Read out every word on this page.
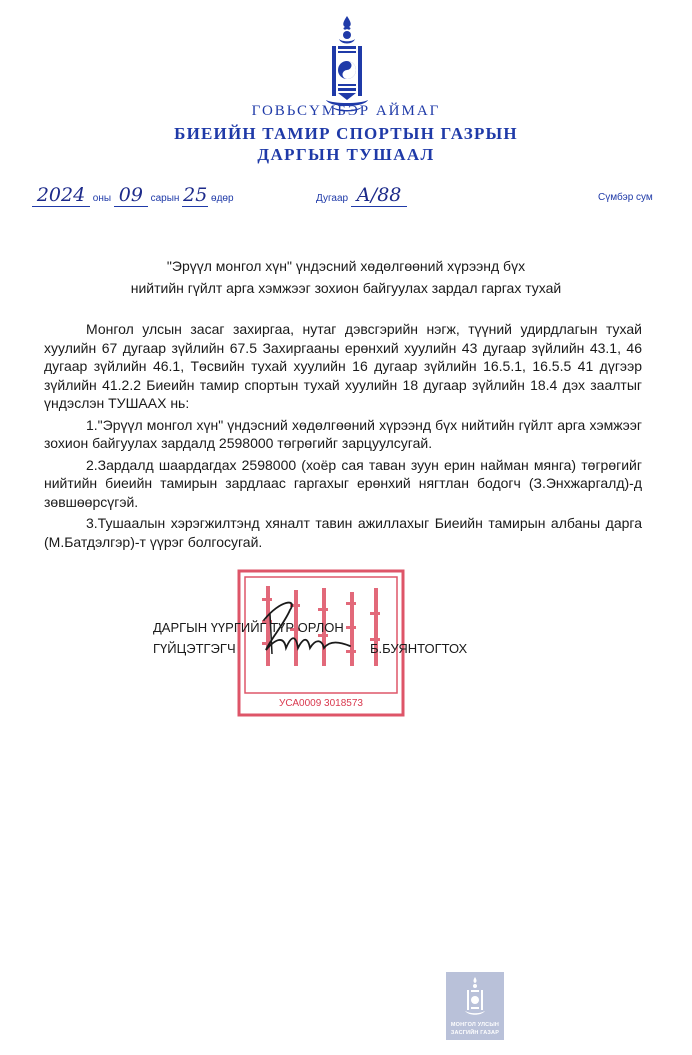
ГОВЬСҮМБЭР АЙМАГ
БИЕИЙН ТАМИР СПОРТЫН ГАЗРЫН
ДАРГЫН ТУШААЛ
2024 оны 09 сарын 25 өдөр	Дугаар А/88	Сүмбэр сум
"Эрүүл монгол хүн" үндэсний хөдөлгөөний хүрээнд бүх
нийтийн гүйлт арга хэмжээг зохион байгуулах зардал гаргах тухай

Монгол улсын засаг захиргаа, нутаг дэвсгэрийн нэгж, түүний удирдлагын тухай хуулийн 67 дугаар зүйлийн 67.5 Захиргааны ерөнхий хуулийн 43 дугаар зүйлийн 43.1, 46 дугаар зүйлийн 46.1, Төсвийн тухай хуулийн 16 дугаар зүйлийн 16.5.1, 16.5.5 41 дүгээр зүйлийн 41.2.2 Биеийн тамир спортын тухай хуулийн 18 дугаар зүйлийн 18.4 дэх заалтыг үндэслэн ТУШААХ нь:

1."Эрүүл монгол хүн" үндэсний хөдөлгөөний хүрээнд бүх нийтийн гүйлт арга хэмжээг зохион байгуулах зардалд 2598000 төгрөгийг зарцуулсугай.

2.Зардалд шаардагдах 2598000 (хоёр сая таван зуун ерин найман мянга) төгрөгийг нийтийн биеийн тамирын зардлаас гаргахыг ерөнхий нягтлан бодогч (З.Энхжаргалд)-д зөвшөөрсүгэй.

3.Тушаалын хэрэгжилтэнд хяналт тавин ажиллахыг Биеийн тамирын албаны дарга (М.Батдэлгэр)-т үүрэг болгосугай.

УСА0009 3018573
ДАРГЫН ҮҮРГИЙГ ТҮР ОРЛОН
ГҮЙЦЭТГЭГЧ	Б.БУЯНТОГТОХ
МОНГОЛ УЛСЫН
ЗАСГИЙН ГАЗАР
